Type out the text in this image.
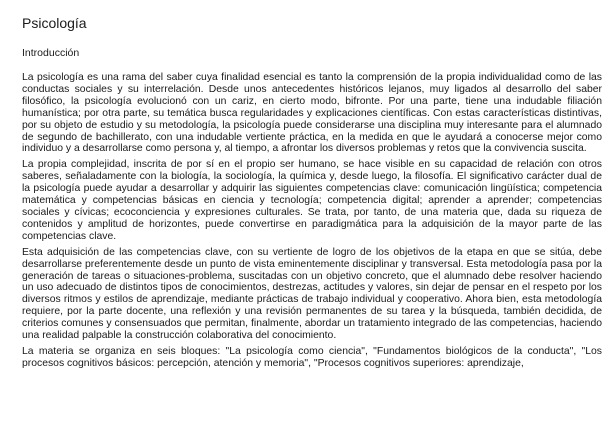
Psicología
Introducción

La psicología es una rama del saber cuya finalidad esencial es tanto la comprensión de la propia individualidad como de las conductas sociales y su interrelación. Desde unos antecedentes históricos lejanos, muy ligados al desarrollo del saber filosófico, la psicología evolucionó con un cariz, en cierto modo, bifronte. Por una parte, tiene una indudable filiación humanística; por otra parte, su temática busca regularidades y explicaciones científicas. Con estas características distintivas, por su objeto de estudio y su metodología, la psicología puede considerarse una disciplina muy interesante para el alumnado de segundo de bachillerato, con una indudable vertiente práctica, en la medida en que le ayudará a conocerse mejor como individuo y a desarrollarse como persona y, al tiempo, a afrontar los diversos problemas y retos que la convivencia suscita.

La propia complejidad, inscrita de por sí en el propio ser humano, se hace visible en su capacidad de relación con otros saberes, señaladamente con la biología, la sociología, la química y, desde luego, la filosofía. El significativo carácter dual de la psicología puede ayudar a desarrollar y adquirir las siguientes competencias clave: comunicación lingüística; competencia matemática y competencias básicas en ciencia y tecnología; competencia digital; aprender a aprender; competencias sociales y cívicas; ecoconciencia y expresiones culturales. Se trata, por tanto, de una materia que, dada su riqueza de contenidos y amplitud de horizontes, puede convertirse en paradigmática para la adquisición de la mayor parte de las competencias clave.

Esta adquisición de las competencias clave, con su vertiente de logro de los objetivos de la etapa en que se sitúa, debe desarrollarse preferentemente desde un punto de vista eminentemente disciplinar y transversal. Esta metodología pasa por la generación de tareas o situaciones-problema, suscitadas con un objetivo concreto, que el alumnado debe resolver haciendo un uso adecuado de distintos tipos de conocimientos, destrezas, actitudes y valores, sin dejar de pensar en el respeto por los diversos ritmos y estilos de aprendizaje, mediante prácticas de trabajo individual y cooperativo. Ahora bien, esta metodología requiere, por la parte docente, una reflexión y una revisión permanentes de su tarea y la búsqueda, también decidida, de criterios comunes y consensuados que permitan, finalmente, abordar un tratamiento integrado de las competencias, haciendo una realidad palpable la construcción colaborativa del conocimiento.

La materia se organiza en seis bloques: "La psicología como ciencia", "Fundamentos biológicos de la conducta", "Los procesos cognitivos básicos: percepción, atención y memoria", "Procesos cognitivos superiores: aprendizaje,
